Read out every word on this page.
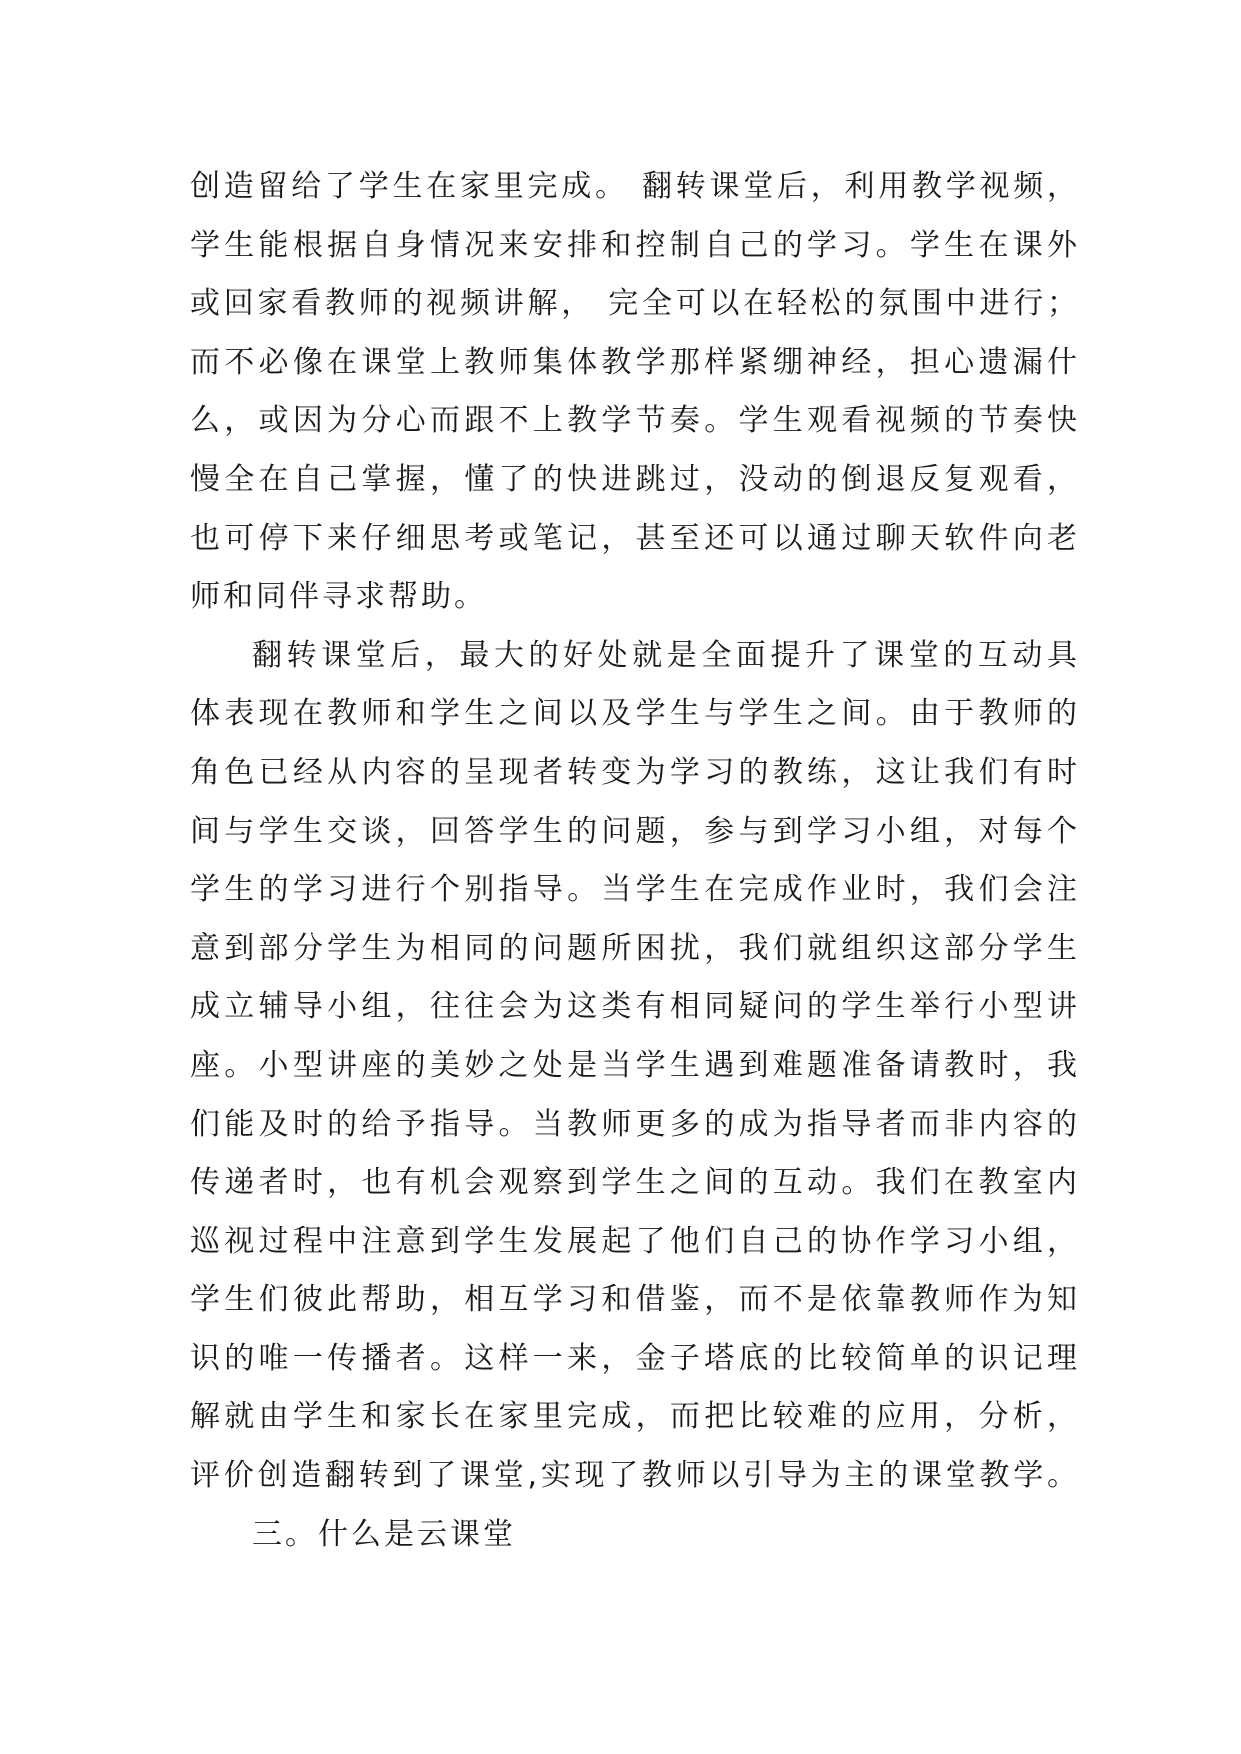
创造留给了学生在家里完成。 翻转课堂后，利用教学视频，
学生能根据自身情况来安排和控制自己的学习。学生在课外
或回家看教师的视频讲解， 完全可以在轻松的氛围中进行；
而不必像在课堂上教师集体教学那样紧绷神经，担心遗漏什
么，或因为分心而跟不上教学节奏。学生观看视频的节奏快
慢全在自己掌握，懂了的快进跳过，没动的倒退反复观看，
也可停下来仔细思考或笔记，甚至还可以通过聊天软件向老
师和同伴寻求帮助。
翻转课堂后，最大的好处就是全面提升了课堂的互动具
体表现在教师和学生之间以及学生与学生之间。由于教师的
角色已经从内容的呈现者转变为学习的教练，这让我们有时
间与学生交谈，回答学生的问题，参与到学习小组，对每个
学生的学习进行个别指导。当学生在完成作业时，我们会注
意到部分学生为相同的问题所困扰，我们就组织这部分学生
成立辅导小组，往往会为这类有相同疑问的学生举行小型讲
座。小型讲座的美妙之处是当学生遇到难题准备请教时，我
们能及时的给予指导。当教师更多的成为指导者而非内容的
传递者时，也有机会观察到学生之间的互动。我们在教室内
巡视过程中注意到学生发展起了他们自己的协作学习小组，
学生们彼此帮助，相互学习和借鉴，而不是依靠教师作为知
识的唯一传播者。这样一来，金子塔底的比较简单的识记理
解就由学生和家长在家里完成，而把比较难的应用，分析，
评价创造翻转到了课堂,实现了教师以引导为主的课堂教学。
三。什么是云课堂
